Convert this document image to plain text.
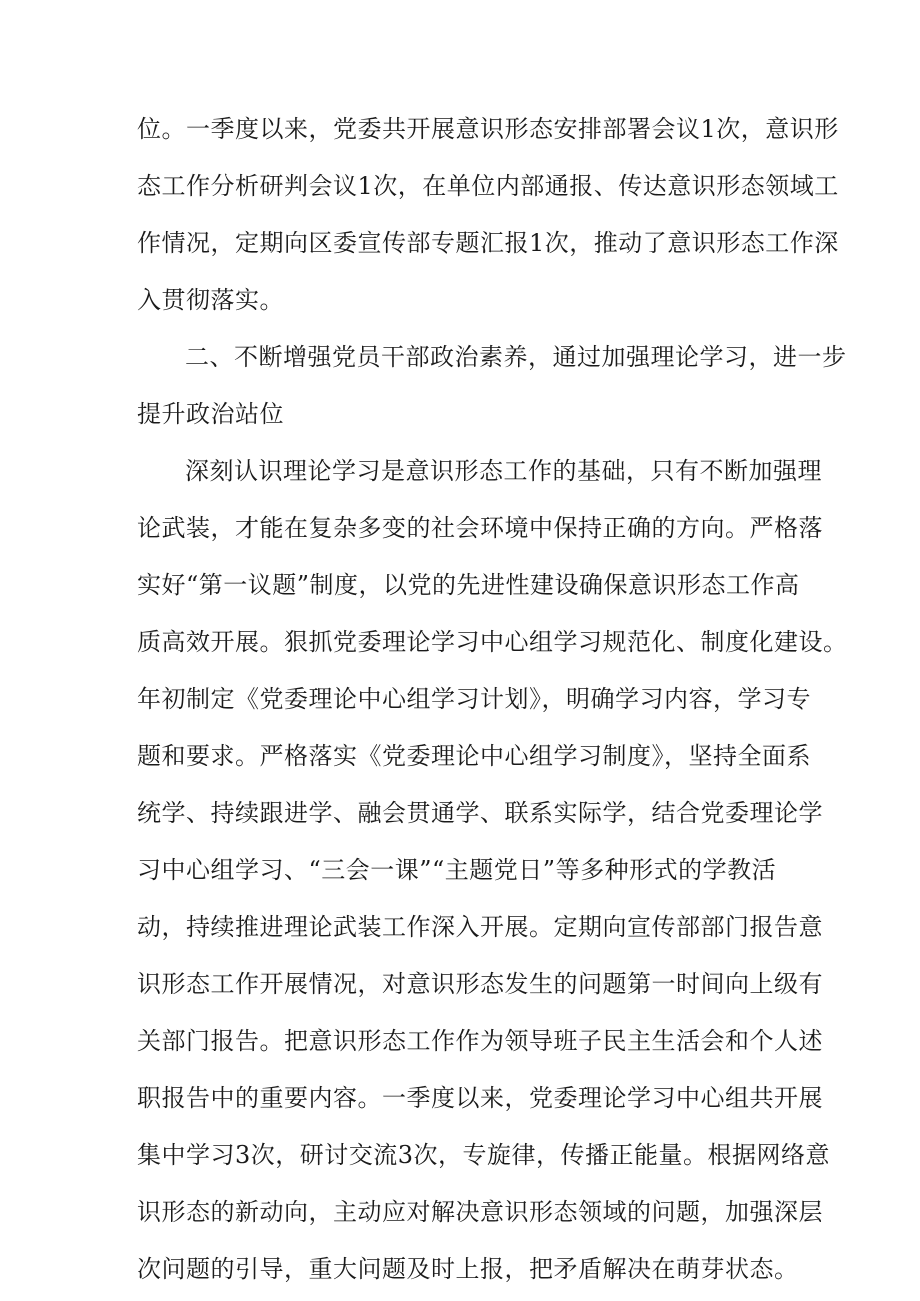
位。一季度以来，党委共开展意识形态安排部署会议1次，意识形
态工作分析研判会议1次，在单位内部通报、传达意识形态领域工
作情况，定期向区委宣传部专题汇报1次，推动了意识形态工作深
入贯彻落实。
二、不断增强党员干部政治素养，通过加强理论学习，进一步
提升政治站位
深刻认识理论学习是意识形态工作的基础，只有不断加强理
论武装，才能在复杂多变的社会环境中保持正确的方向。严格落
实好“第一议题”制度，以党的先进性建设确保意识形态工作高
质高效开展。狠抓党委理论学习中心组学习规范化、制度化建设。
年初制定《党委理论中心组学习计划》，明确学习内容，学习专
题和要求。严格落实《党委理论中心组学习制度》，坚持全面系
统学、持续跟进学、融会贯通学、联系实际学，结合党委理论学
习中心组学习、“三会一课”“主题党日”等多种形式的学教活
动，持续推进理论武装工作深入开展。定期向宣传部部门报告意
识形态工作开展情况，对意识形态发生的问题第一时间向上级有
关部门报告。把意识形态工作作为领导班子民主生活会和个人述
职报告中的重要内容。一季度以来，党委理论学习中心组共开展
集中学习3次，研讨交流3次，专旋律，传播正能量。根据网络意
识形态的新动向，主动应对解决意识形态领域的问题，加强深层
次问题的引导，重大问题及时上报，把矛盾解决在萌芽状态。
